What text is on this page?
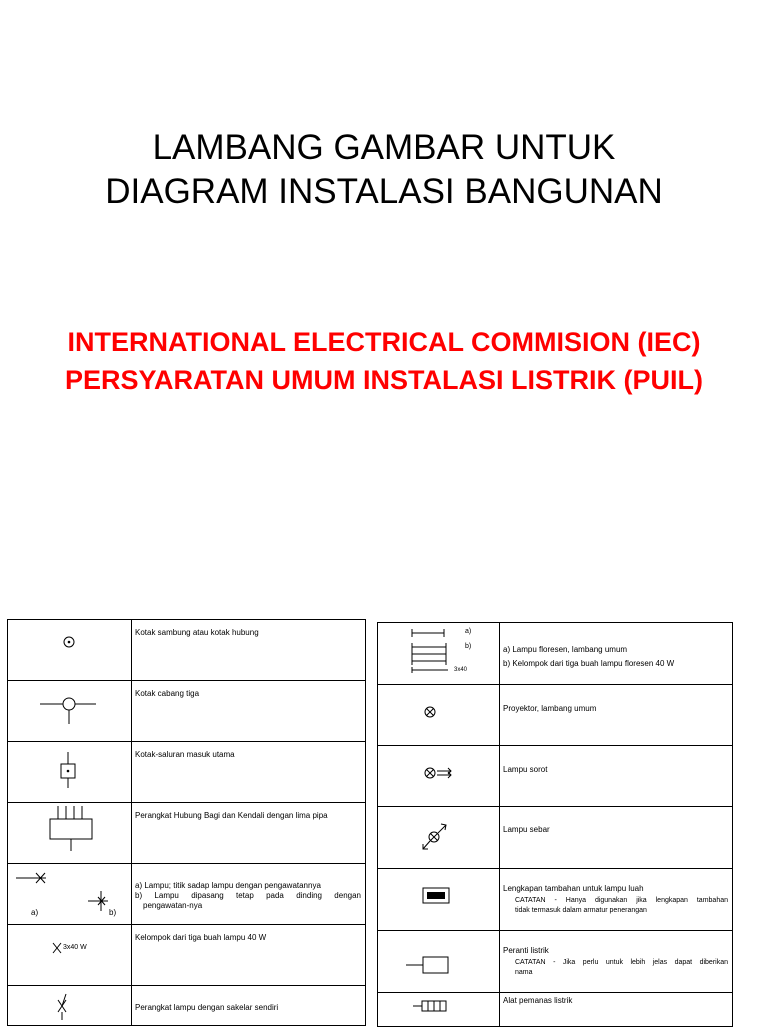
LAMBANG GAMBAR UNTUK
DIAGRAM INSTALASI BANGUNAN
INTERNATIONAL ELECTRICAL COMMISION (IEC)
PERSYARATAN UMUM INSTALASI LISTRIK (PUIL)

Kotak sambung atau kotak hubung

Kotak cabang tiga

Kotak-saluran masuk utama

Perangkat Hubung Bagi dan Kendali dengan lima pipa

a) b)	a) Lampu; titik sadap lampu dengan pengawatannya
b) Lampu dipasang tetap pada dinding dengan
pengawatan-nya

3x40 W	Kelompok dari tiga buah lampu 40 W

Perangkat lampu dengan sakelar sendiri
a)
b)
3x40	a) Lampu floresen, lambang umum
b) Kelompok dari tiga buah lampu floresen 40 W

Proyektor, lambang umum

Lampu sorot

Lampu sebar

Lengkapan tambahan untuk lampu luah
CATATAN - Hanya digunakan jika lengkapan tambahan
tidak termasuk dalam armatur penerangan

Peranti listrik
CATATAN - Jika perlu untuk lebih jelas dapat diberikan
nama

Alat pemanas listrik
